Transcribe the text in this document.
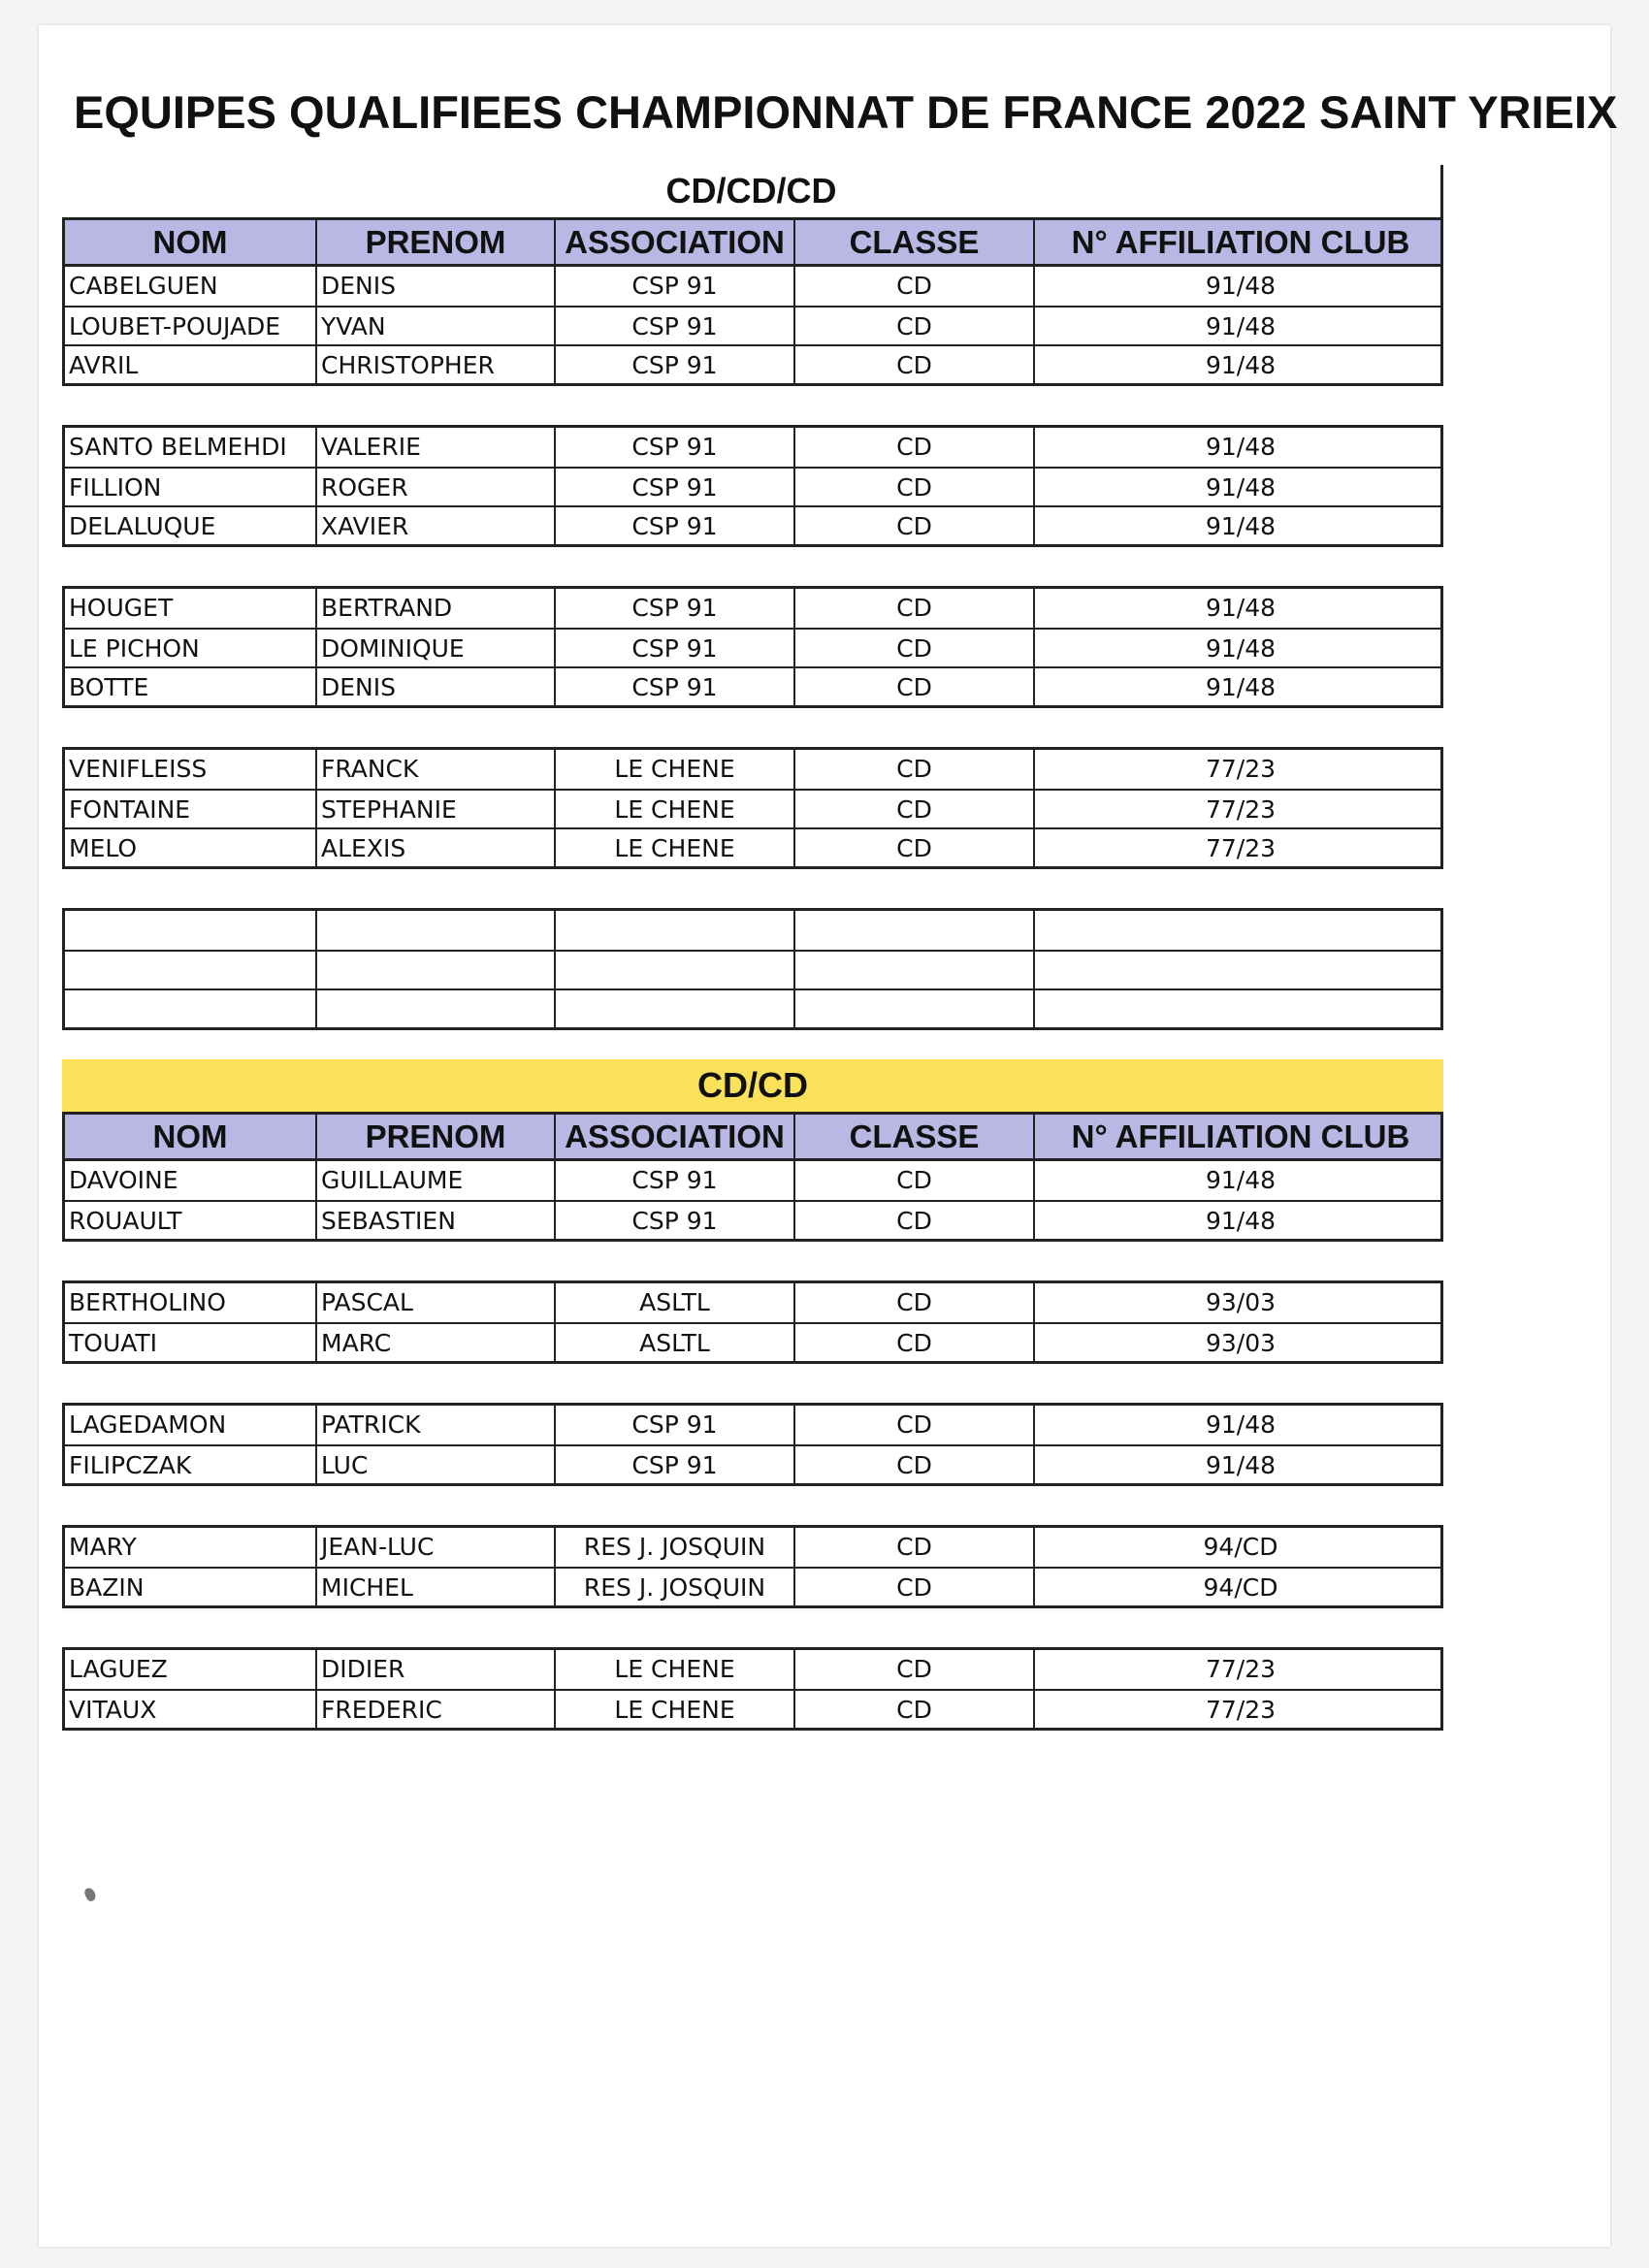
EQUIPES QUALIFIEES CHAMPIONNAT DE FRANCE 2022 SAINT YRIEIX
CD/CD/CD
NOM	PRENOM	ASSOCIATION	CLASSE	N° AFFILIATION CLUB
CABELGUEN	DENIS	CSP 91	CD	91/48
LOUBET-POUJADE	YVAN	CSP 91	CD	91/48
AVRIL	CHRISTOPHER	CSP 91	CD	91/48
SANTO BELMEHDI	VALERIE	CSP 91	CD	91/48
FILLION	ROGER	CSP 91	CD	91/48
DELALUQUE	XAVIER	CSP 91	CD	91/48
HOUGET	BERTRAND	CSP 91	CD	91/48
LE PICHON	DOMINIQUE	CSP 91	CD	91/48
BOTTE	DENIS	CSP 91	CD	91/48
VENIFLEISS	FRANCK	LE CHENE	CD	77/23
FONTAINE	STEPHANIE	LE CHENE	CD	77/23
MELO	ALEXIS	LE CHENE	CD	77/23
CD/CD
NOM	PRENOM	ASSOCIATION	CLASSE	N° AFFILIATION CLUB
DAVOINE	GUILLAUME	CSP 91	CD	91/48
ROUAULT	SEBASTIEN	CSP 91	CD	91/48
BERTHOLINO	PASCAL	ASLTL	CD	93/03
TOUATI	MARC	ASLTL	CD	93/03
LAGEDAMON	PATRICK	CSP 91	CD	91/48
FILIPCZAK	LUC	CSP 91	CD	91/48
MARY	JEAN-LUC	RES J. JOSQUIN	CD	94/CD
BAZIN	MICHEL	RES J. JOSQUIN	CD	94/CD
LAGUEZ	DIDIER	LE CHENE	CD	77/23
VITAUX	FREDERIC	LE CHENE	CD	77/23
